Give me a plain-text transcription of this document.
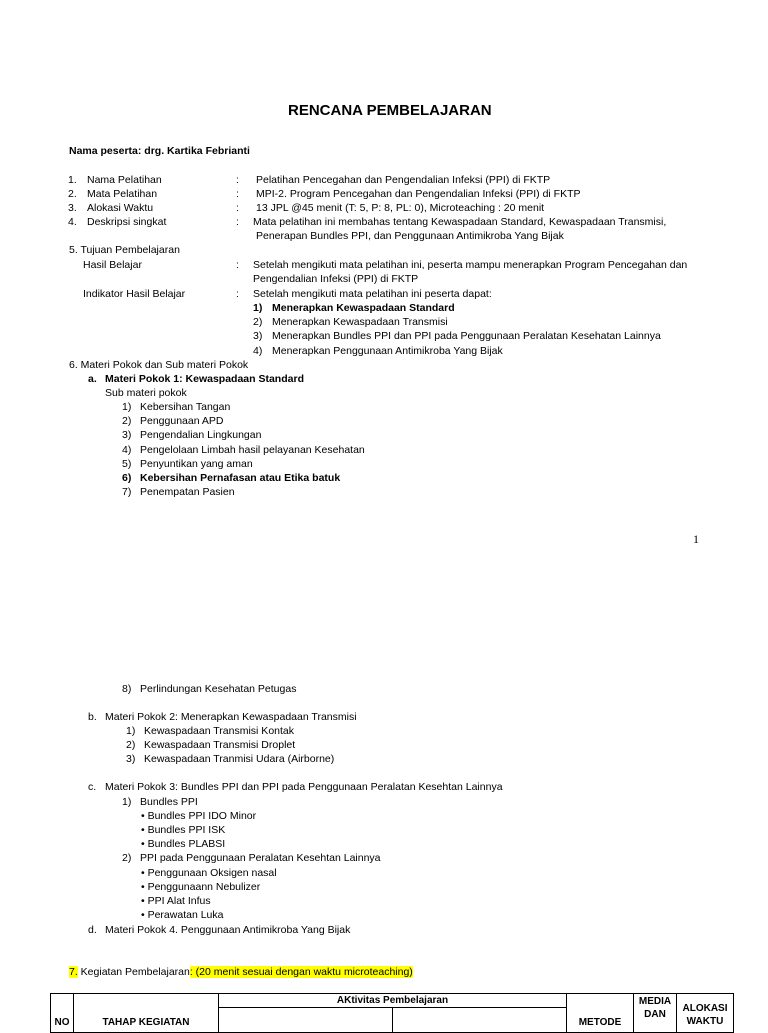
RENCANA PEMBELAJARAN
Nama peserta: drg. Kartika Febrianti
1. Nama Pelatihan	: Pelatihan Pencegahan dan Pengendalian Infeksi (PPI) di FKTP
2. Mata Pelatihan	: MPI-2. Program Pencegahan dan Pengendalian Infeksi (PPI) di FKTP
3. Alokasi Waktu	: 13 JPL @45 menit (T: 5, P: 8, PL: 0), Microteaching : 20 menit
4. Deskripsi singkat	: Mata pelatihan ini membahas tentang Kewaspadaan Standard, Kewaspadaan Transmisi,
Penerapan Bundles PPI, dan Penggunaan Antimikroba Yang Bijak
5. Tujuan Pembelajaran
Hasil Belajar	: Setelah mengikuti mata pelatihan ini, peserta mampu menerapkan Program Pencegahan dan
Pengendalian Infeksi (PPI) di FKTP
Indikator Hasil Belajar	: Setelah mengikuti mata pelatihan ini peserta dapat:
1) Menerapkan Kewaspadaan Standard
2) Menerapkan Kewaspadaan Transmisi
3) Menerapkan Bundles PPI dan PPI pada Penggunaan Peralatan Kesehatan Lainnya
4) Menerapkan Penggunaan Antimikroba Yang Bijak
6. Materi Pokok dan Sub materi Pokok
a. Materi Pokok 1: Kewaspadaan Standard
Sub materi pokok
1) Kebersihan Tangan
2) Penggunaan APD
3) Pengendalian Lingkungan
4) Pengelolaan Limbah hasil pelayanan Kesehatan
5) Penyuntikan yang aman
6) Kebersihan Pernafasan atau Etika batuk
7) Penempatan Pasien
1
8) Perlindungan Kesehatan Petugas
b. Materi Pokok 2: Menerapkan Kewaspadaan Transmisi
1) Kewaspadaan Transmisi Kontak
2) Kewaspadaan Transmisi Droplet
3) Kewaspadaan Tranmisi Udara (Airborne)
c. Materi Pokok 3: Bundles PPI dan PPI pada Penggunaan Peralatan Kesehtan Lainnya
1) Bundles PPI
• Bundles PPI IDO Minor
• Bundles PPI ISK
• Bundles PLABSI
2) PPI pada Penggunaan Peralatan Kesehtan Lainnya
• Penggunaan Oksigen nasal
• Penggunaann Nebulizer
• PPI Alat Infus
• Perawatan Luka
d. Materi Pokok 4. Penggunaan Antimikroba Yang Bijak
7. Kegiatan Pembelajaran: (20 menit sesuai dengan waktu microteaching)
NO	TAHAP KEGIATAN	AKtivitas Pembelajaran		METODE	MEDIA DAN	ALOKASI WAKTU
